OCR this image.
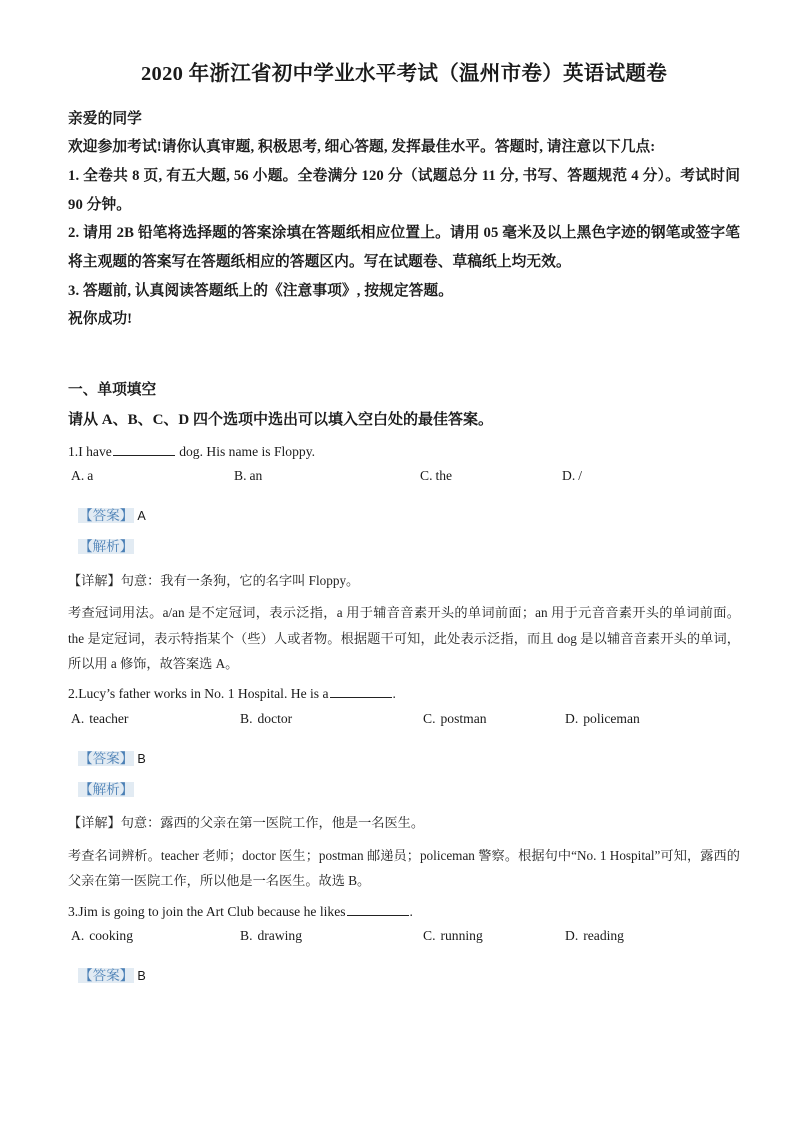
2020 年浙江省初中学业水平考试（温州市卷）英语试题卷

亲爱的同学

欢迎参加考试!请你认真审题, 积极思考, 细心答题, 发挥最佳水平。答题时, 请注意以下几点:

1. 全卷共 8 页, 有五大题, 56 小题。全卷满分 120 分（试题总分 11 分, 书写、答题规范 4 分）。考试时间 90 分钟。

2. 请用 2B 铅笔将选择题的答案涂填在答题纸相应位置上。请用 05 毫米及以上黑色字迹的钢笔或签字笔将主观题的答案写在答题纸相应的答题区内。写在试题卷、草稿纸上均无效。

3. 答题前, 认真阅读答题纸上的《注意事项》, 按规定答题。

祝你成功!

一、单项填空

请从 A、B、C、D 四个选项中选出可以填入空白处的最佳答案。

1.I have	dog. His name is Floppy.

A. a	B. an	C. the	D. /

【答案】 A

【解析】

【详解】句意：我有一条狗，它的名字叫 Floppy。

考查冠词用法。a/an 是不定冠词，表示泛指，a 用于辅音音素开头的单词前面；an 用于元音音素开头的单词前面。the 是定冠词，表示特指某个（些）人或者物。根据题干可知，此处表示泛指，而且 dog 是以辅音音素开头的单词，所以用 a 修饰，故答案选 A。

2.Lucy’s father works in No. 1 Hospital. He is a	.

A. teacher	B. doctor	C. postman	D. policeman

【答案】 B

【解析】

【详解】句意：露西的父亲在第一医院工作，他是一名医生。

考查名词辨析。teacher 老师；doctor 医生；postman 邮递员；policeman 警察。根据句中“No. 1 Hospital”可知，露西的父亲在第一医院工作，所以他是一名医生。故选 B。

3.Jim is going to join the Art Club because he likes	.

A. cooking	B. drawing	C. running	D. reading

【答案】 B
